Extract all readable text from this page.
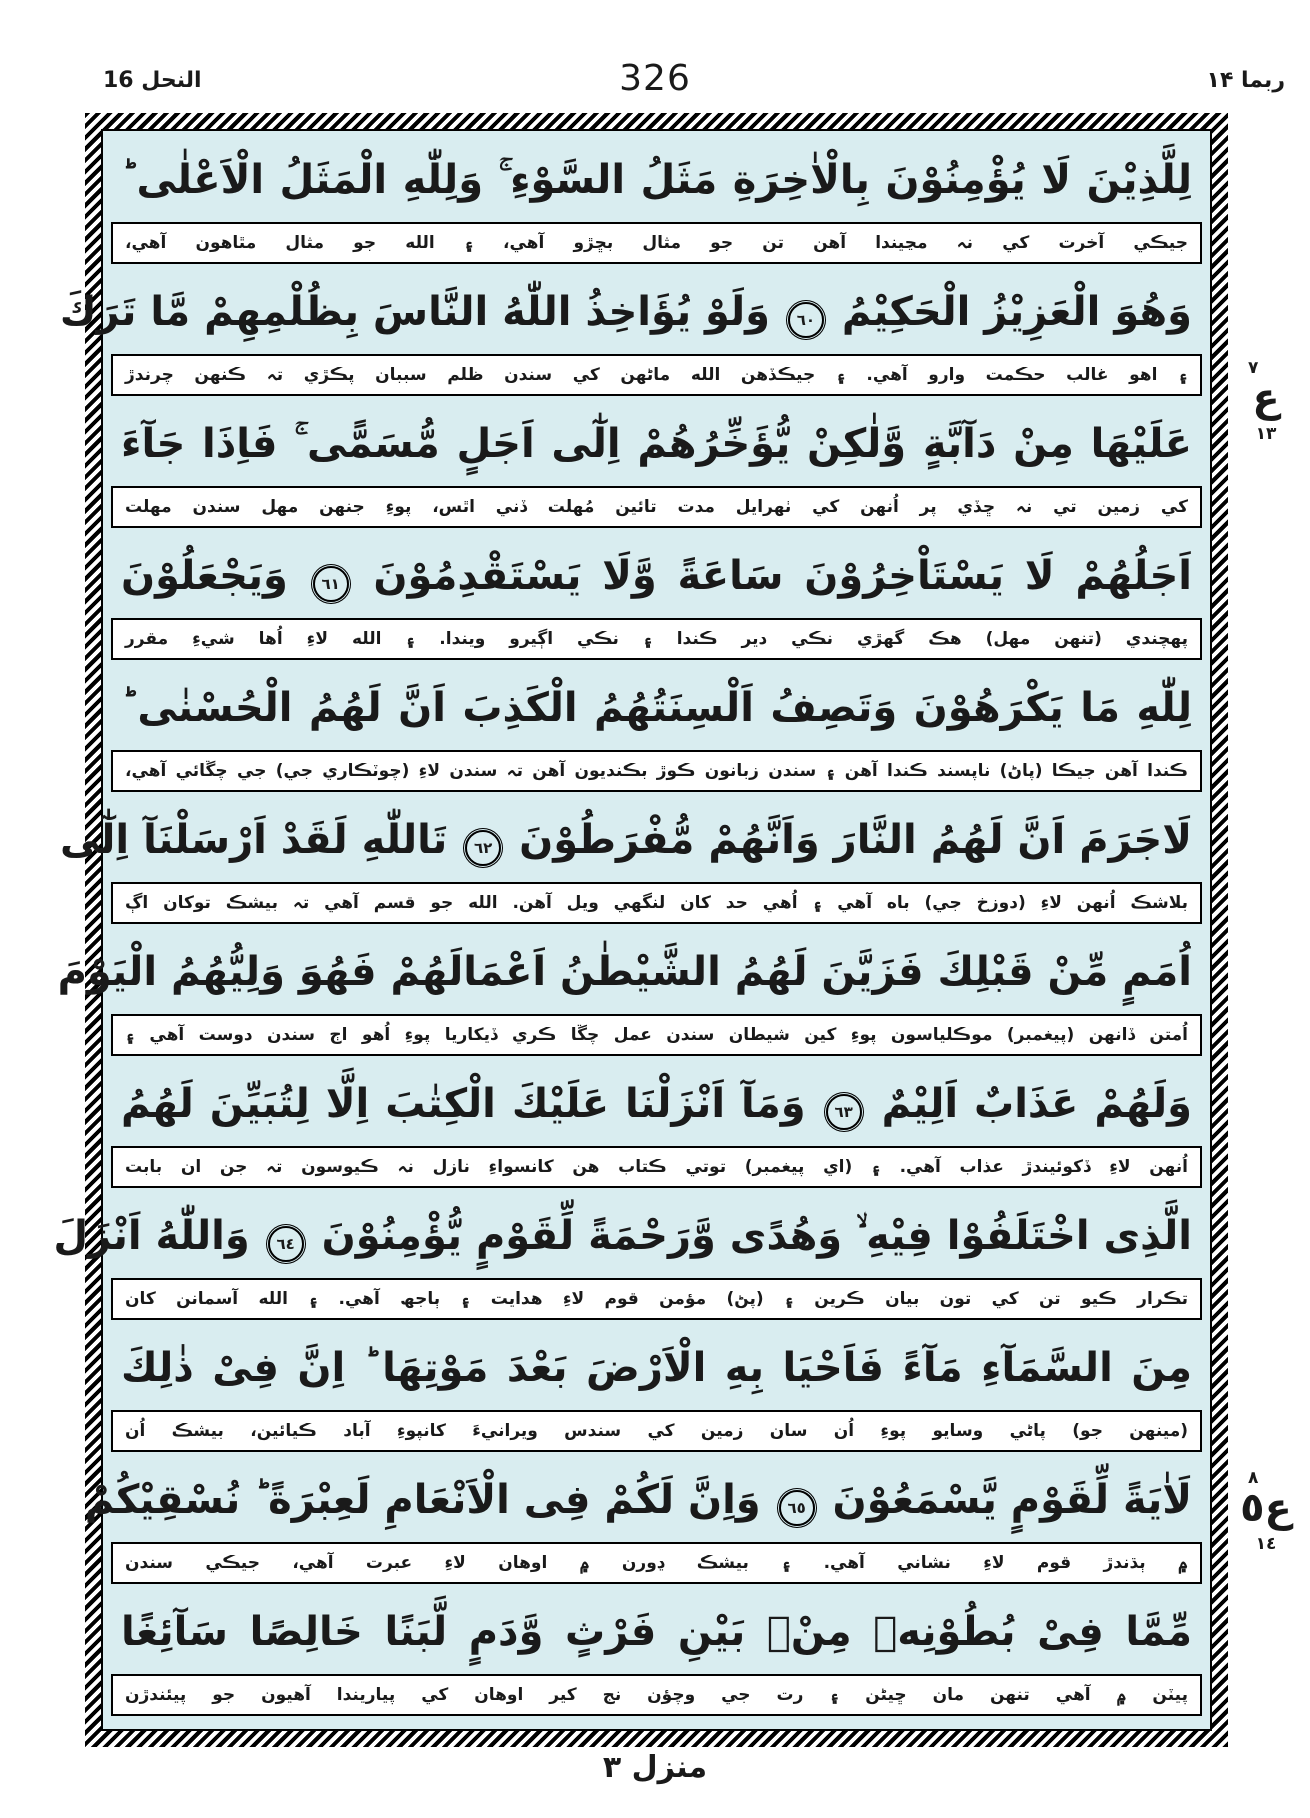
النحل 16	326	ربما ۱۴
لِلَّذِيْنَ لَا يُؤْمِنُوْنَ بِالْاٰخِرَةِ مَثَلُ السَّوْءِ ۚ وَلِلّٰهِ الْمَثَلُ الْاَعْلٰى ؕ
جيڪي آخرت کي نہ مڃيندا آهن تن جو مثال بڇڙو آهي، ۽ الله جو مثال مٿاهون آهي،
وَهُوَ الْعَزِيْزُ الْحَكِيْمُ ٦٠ وَلَوْ يُؤَاخِذُ اللّٰهُ النَّاسَ بِظُلْمِهِمْ مَّا تَرَكَ
۽ اهو غالب حڪمت وارو آهي. ۽ جيڪڏهن الله ماڻهن کي سندن ظلم سببان پڪڙي تہ ڪنهن چرندڙ
عَلَيْهَا مِنْ دَآبَّةٍ وَّلٰكِنْ يُّؤَخِّرُهُمْ اِلٰٓى اَجَلٍ مُّسَمًّى ۚ فَاِذَا جَآءَ
کي زمين تي نہ ڇڏي پر اُنهن کي ٺهرايل مدت تائين مُهلت ڏني اٿس، پوءِ جنهن مهل سندن مهلت
اَجَلُهُمْ لَا يَسْتَاْخِرُوْنَ سَاعَةً وَّلَا يَسْتَقْدِمُوْنَ ٦١ وَيَجْعَلُوْنَ
پهچندي (تنهن مهل) هڪ گهڙي نڪي دير ڪندا ۽ نڪي اڳيرو ويندا. ۽ الله لاءِ اُها شيءِ مقرر
لِلّٰهِ مَا يَكْرَهُوْنَ وَتَصِفُ اَلْسِنَتُهُمُ الْكَذِبَ اَنَّ لَهُمُ الْحُسْنٰى ؕ
ڪندا آهن جيڪا (پاڻ) ناپسند ڪندا آهن ۽ سندن زبانون ڪوڙ بڪنديون آهن تہ سندن لاءِ (چوٽڪاري جي) جي چڱائي آهي،
لَاجَرَمَ اَنَّ لَهُمُ النَّارَ وَاَنَّهُمْ مُّفْرَطُوْنَ ٦٢ تَاللّٰهِ لَقَدْ اَرْسَلْنَآ اِلٰٓى
بلاشڪ اُنهن لاءِ (دوزخ جي) باه آهي ۽ اُهي حد کان لنگهي ويل آهن. الله جو قسم آهي تہ بيشڪ توکان اڳ
اُمَمٍ مِّنْ قَبْلِكَ فَزَيَّنَ لَهُمُ الشَّيْطٰنُ اَعْمَالَهُمْ فَهُوَ وَلِيُّهُمُ الْيَوْمَ
اُمتن ڏانهن (پيغمبر) موڪلياسون پوءِ کين شيطان سندن عمل چڱا ڪري ڏيکاريا پوءِ اُهو اڄ سندن دوست آهي ۽
وَلَهُمْ عَذَابٌ اَلِيْمٌ ٦٣ وَمَآ اَنْزَلْنَا عَلَيْكَ الْكِتٰبَ اِلَّا لِتُبَيِّنَ لَهُمُ
اُنهن لاءِ ڏکوئيندڙ عذاب آهي. ۽ (اي پيغمبر) توتي ڪتاب هن کانسواءِ نازل نہ ڪيوسون تہ جن ان بابت
الَّذِى اخْتَلَفُوْا فِيْهِ ۙ وَهُدًى وَّرَحْمَةً لِّقَوْمٍ يُّؤْمِنُوْنَ ٦٤ وَاللّٰهُ اَنْزَلَ
تڪرار ڪيو تن کي تون بيان ڪرين ۽ (پڻ) مؤمن قوم لاءِ هدايت ۽ ٻاجھ آهي. ۽ الله آسمانن کان
مِنَ السَّمَآءِ مَآءً فَاَحْيَا بِهِ الْاَرْضَ بَعْدَ مَوْتِهَا ؕ اِنَّ فِىْ ذٰلِكَ
(مينهن جو) پاڻي وسايو پوءِ اُن سان زمين کي سندس ويرانيءَ کانپوءِ آباد ڪيائين، بيشڪ اُن
لَاٰيَةً لِّقَوْمٍ يَّسْمَعُوْنَ ٦٥ وَاِنَّ لَكُمْ فِى الْاَنْعَامِ لَعِبْرَةً ؕ نُسْقِيْكُمْ
۾ ٻڌندڙ قوم لاءِ نشاني آهي. ۽ بيشڪ ڍورن ۾ اوهان لاءِ عبرت آهي، جيڪي سندن
مِّمَّا فِىْ بُطُوْنِهٖ مِنْۢ بَيْنِ فَرْثٍ وَّدَمٍ لَّبَنًا خَالِصًا سَآئِغًا
پيٽن ۾ آهي تنهن مان ڇيڻن ۽ رت جي وچؤن نج کير اوهان کي پياريندا آهيون جو پيئندڙن
٧
ع
١٣
٨
ع٥
١٤
منزل ٣
